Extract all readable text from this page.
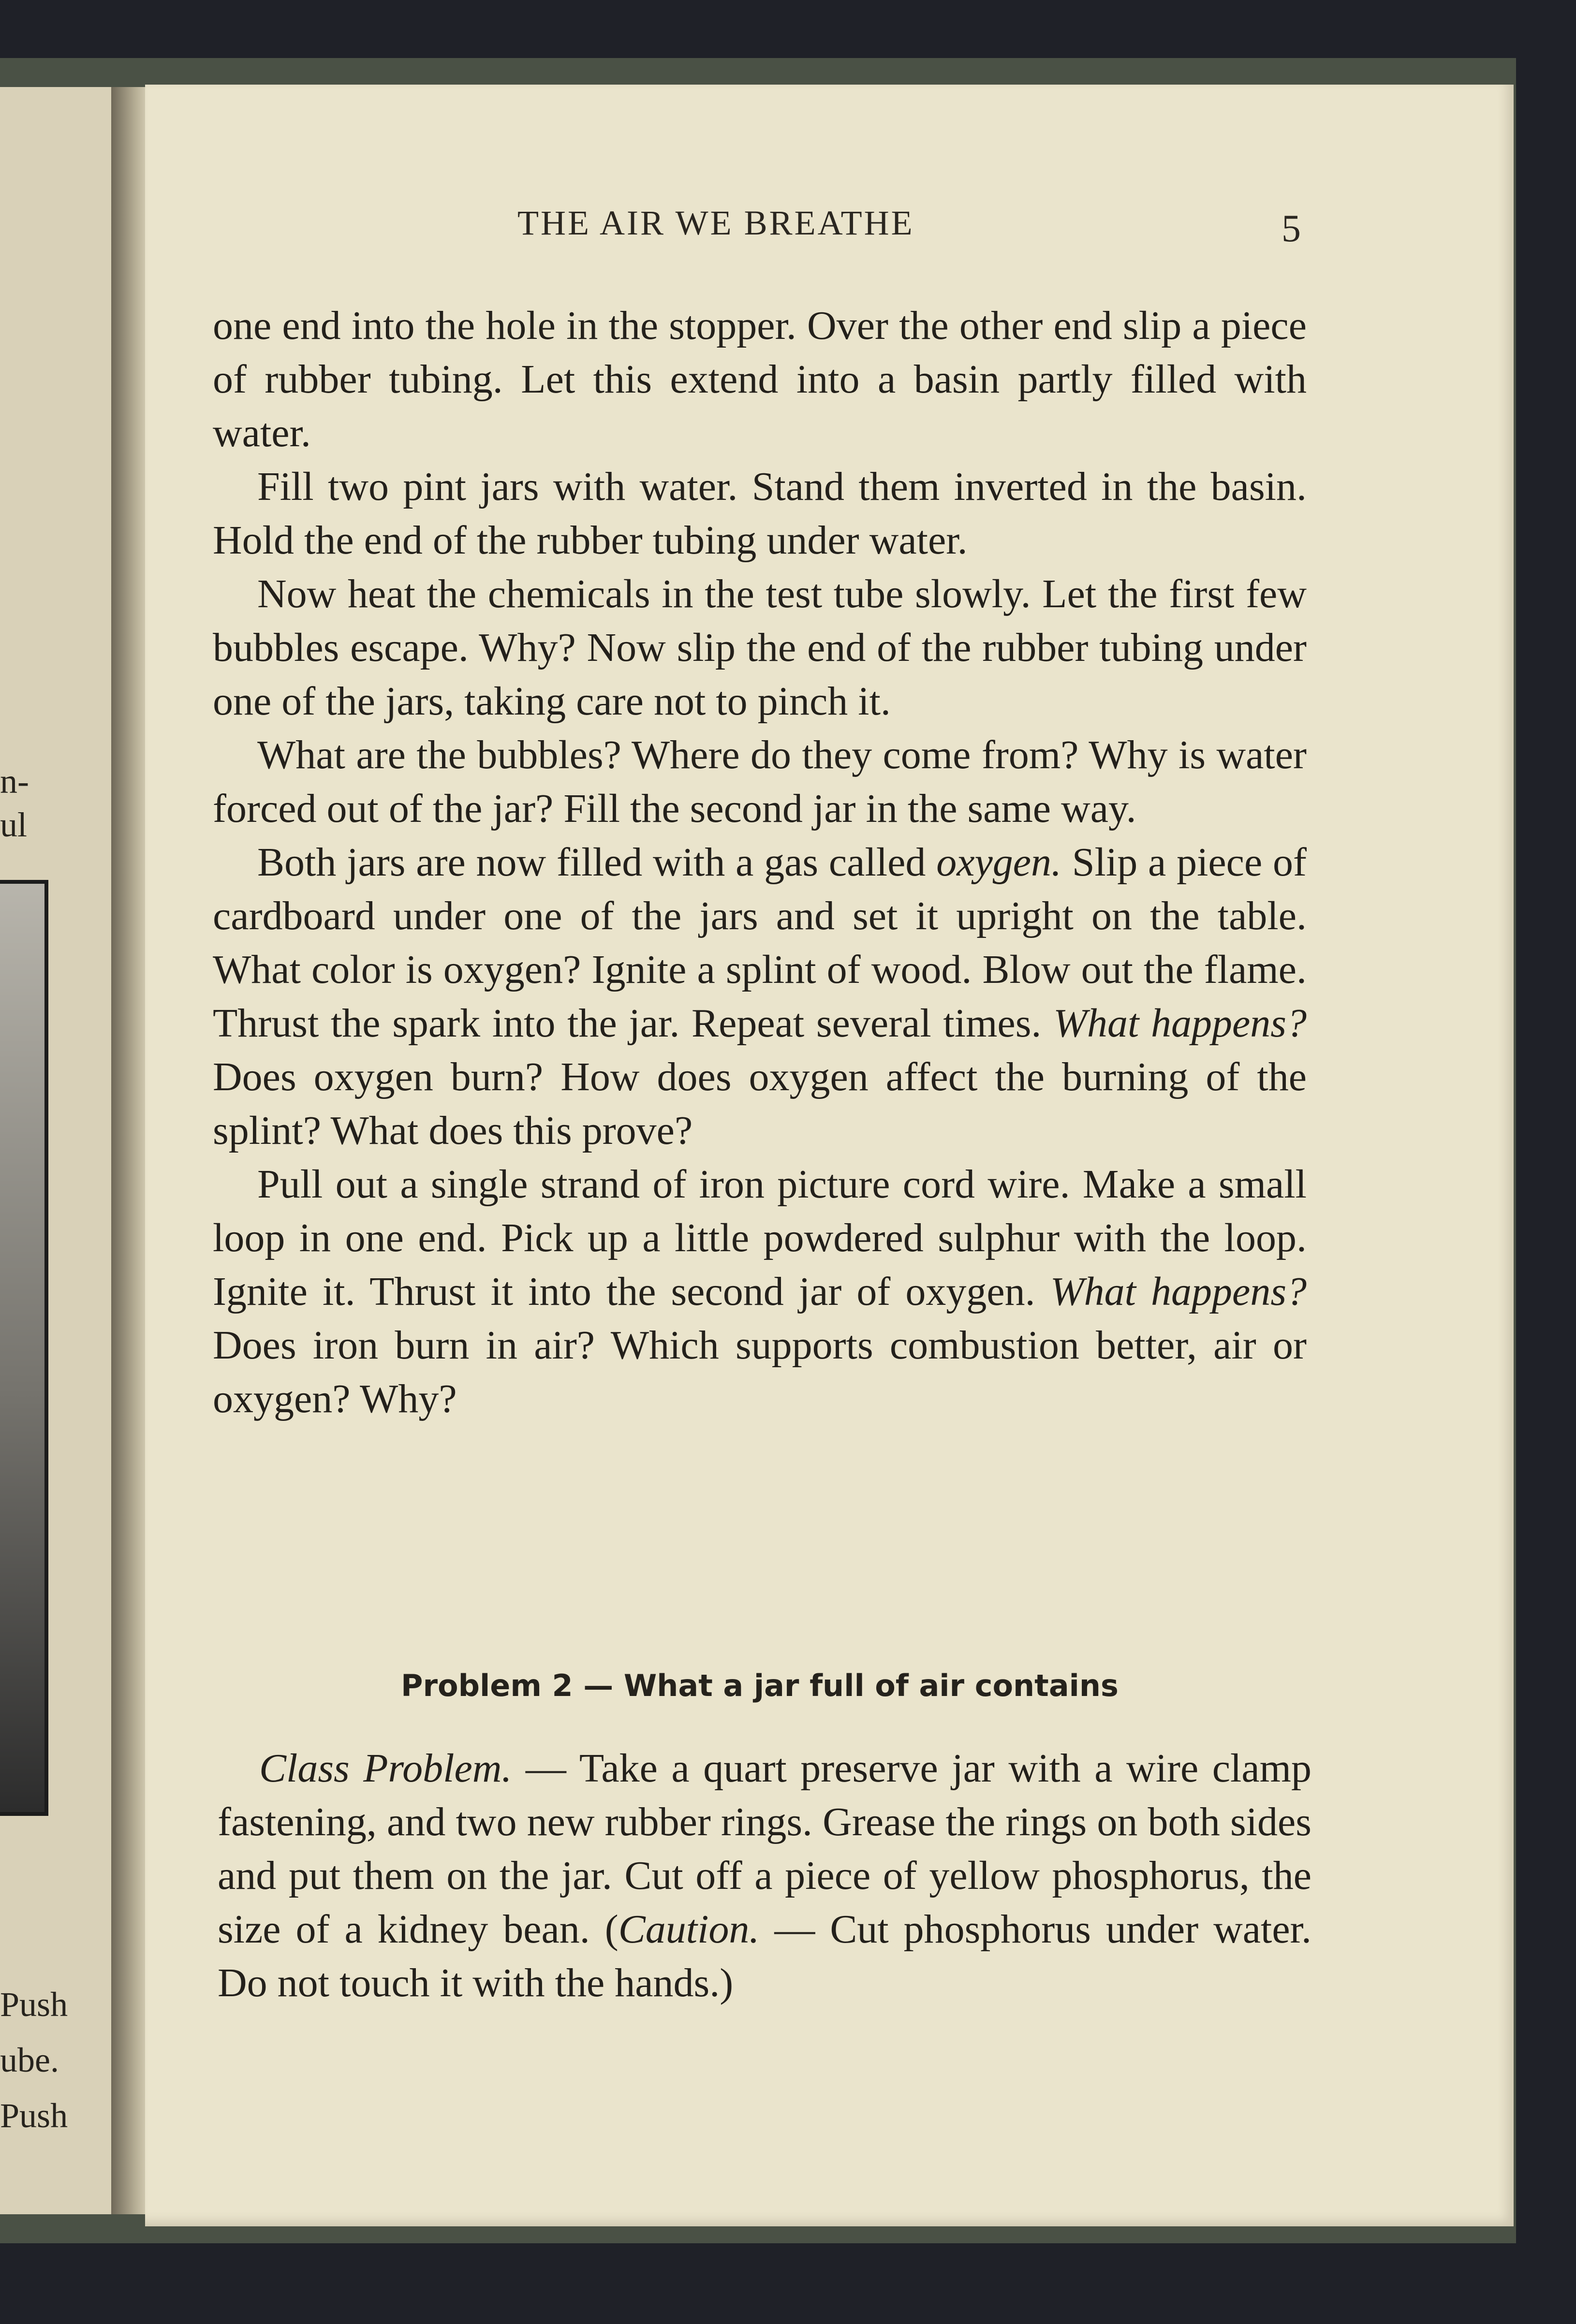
n-
ul
Push
ube.
Push
THE AIR WE BREATHE	5

one end into the hole in the stopper. Over the other end slip a piece of rubber tubing. Let this extend into a basin partly filled with water.

Fill two pint jars with water. Stand them inverted in the basin. Hold the end of the rubber tubing under water.

Now heat the chemicals in the test tube slowly. Let the first few bubbles escape. Why? Now slip the end of the rubber tubing under one of the jars, taking care not to pinch it.

What are the bubbles? Where do they come from? Why is water forced out of the jar? Fill the second jar in the same way.

Both jars are now filled with a gas called oxygen. Slip a piece of cardboard under one of the jars and set it upright on the table. What color is oxygen? Ignite a splint of wood. Blow out the flame. Thrust the spark into the jar. Repeat several times. What happens? Does oxygen burn? How does oxygen affect the burning of the splint? What does this prove?

Pull out a single strand of iron picture cord wire. Make a small loop in one end. Pick up a little powdered sulphur with the loop. Ignite it. Thrust it into the second jar of oxygen. What happens? Does iron burn in air? Which supports combustion better, air or oxygen? Why?

Problem 2 — What a jar full of air contains

Class Problem. — Take a quart preserve jar with a wire clamp fastening, and two new rubber rings. Grease the rings on both sides and put them on the jar. Cut off a piece of yellow phosphorus, the size of a kidney bean. (Caution. — Cut phosphorus under water. Do not touch it with the hands.)
